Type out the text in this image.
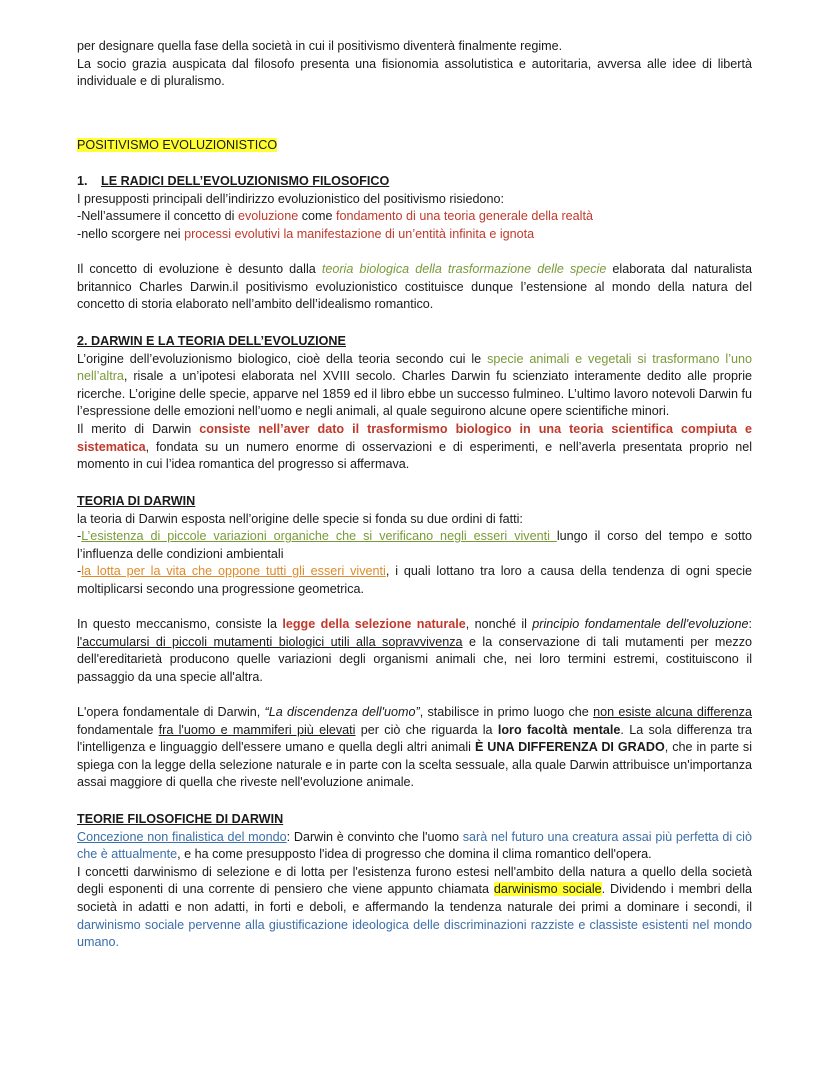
per designare quella fase della società in cui il positivismo diventerà finalmente regime.

La socio grazia auspicata dal filosofo presenta una fisionomia assolutistica e autoritaria, avversa alle idee di libertà individuale e di pluralismo.

POSITIVISMO EVOLUZIONISTICO

1. LE RADICI DELL’EVOLUZIONISMO FILOSOFICO

I presupposti principali dell’indirizzo evoluzionistico del positivismo risiedono:

-Nell’assumere il concetto di evoluzione come fondamento di una teoria generale della realtà

-nello scorgere nei processi evolutivi la manifestazione di un’entità infinita e ignota

Il concetto di evoluzione è desunto dalla teoria biologica della trasformazione delle specie elaborata dal naturalista britannico Charles Darwin.il positivismo evoluzionistico costituisce dunque l’estensione al mondo della natura del concetto di storia elaborato nell’ambito dell’idealismo romantico.

2. DARWIN E LA TEORIA DELL’EVOLUZIONE

L’origine dell’evoluzionismo biologico, cioè della teoria secondo cui le specie animali e vegetali si trasformano l’uno nell’altra, risale a un’ipotesi elaborata nel XVIII secolo. Charles Darwin fu scienziato interamente dedito alle proprie ricerche. L’origine delle specie, apparve nel 1859 ed il libro ebbe un successo fulmineo. L’ultimo lavoro notevoli Darwin fu l’espressione delle emozioni nell’uomo e negli animali, al quale seguirono alcune opere scientifiche minori.

Il merito di Darwin consiste nell’aver dato il trasformismo biologico in una teoria scientifica compiuta e sistematica, fondata su un numero enorme di osservazioni e di esperimenti, e nell’averla presentata proprio nel momento in cui l’idea romantica del progresso si affermava.

TEORIA DI DARWIN

la teoria di Darwin esposta nell’origine delle specie si fonda su due ordini di fatti:

-L’esistenza di piccole variazioni organiche che si verificano negli esseri viventi lungo il corso del tempo e sotto l’influenza delle condizioni ambientali

-la lotta per la vita che oppone tutti gli esseri viventi, i quali lottano tra loro a causa della tendenza di ogni specie moltiplicarsi secondo una progressione geometrica.

In questo meccanismo, consiste la legge della selezione naturale, nonché il principio fondamentale dell'evoluzione: l'accumularsi di piccoli mutamenti biologici utili alla sopravvivenza e la conservazione di tali mutamenti per mezzo dell'ereditarietà producono quelle variazioni degli organismi animali che, nei loro termini estremi, costituiscono il passaggio da una specie all'altra.

L'opera fondamentale di Darwin, “La discendenza dell'uomo”, stabilisce in primo luogo che non esiste alcuna differenza fondamentale fra l'uomo e mammiferi più elevati per ciò che riguarda la loro facoltà mentale. La sola differenza tra l'intelligenza e linguaggio dell'essere umano e quella degli altri animali È UNA DIFFERENZA DI GRADO, che in parte si spiega con la legge della selezione naturale e in parte con la scelta sessuale, alla quale Darwin attribuisce un'importanza assai maggiore di quella che riveste nell'evoluzione animale.

TEORIE FILOSOFICHE DI DARWIN

Concezione non finalistica del mondo: Darwin è convinto che l'uomo sarà nel futuro una creatura assai più perfetta di ciò che è attualmente, e ha come presupposto l'idea di progresso che domina il clima romantico dell'opera.

I concetti darwinismo di selezione e di lotta per l'esistenza furono estesi nell'ambito della natura a quello della società degli esponenti di una corrente di pensiero che viene appunto chiamata darwinismo sociale. Dividendo i membri della società in adatti e non adatti, in forti e deboli, e affermando la tendenza naturale dei primi a dominare i secondi, il darwinismo sociale pervenne alla giustificazione ideologica delle discriminazioni razziste e classiste esistenti nel mondo umano.
